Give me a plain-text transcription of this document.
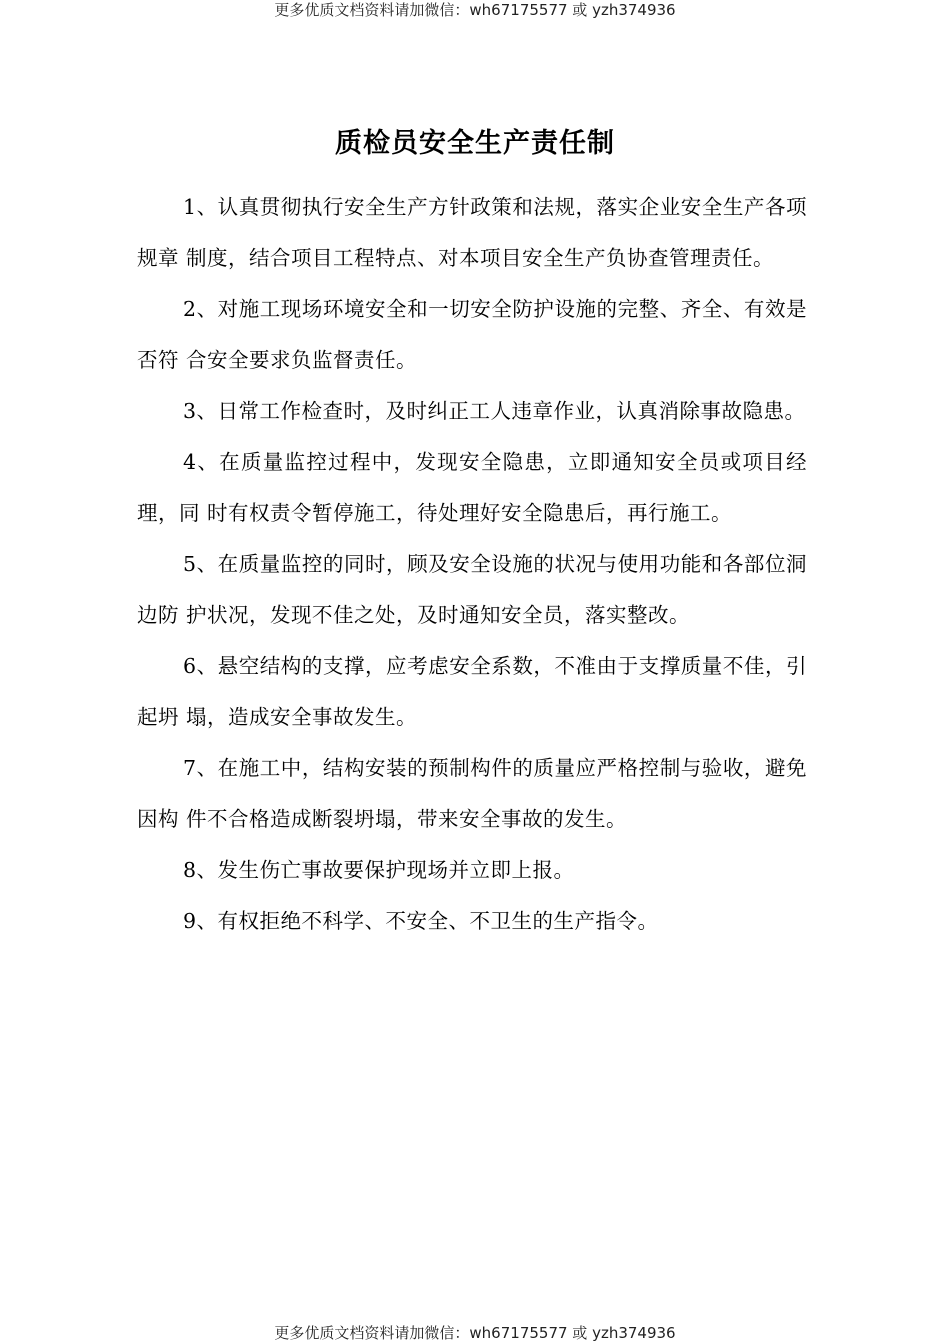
更多优质文档资料请加微信：wh67175577 或 yzh374936
质检员安全生产责任制

1、认真贯彻执行安全生产方针政策和法规，落实企业安全生产各项规章 制度，结合项目工程特点、对本项目安全生产负协查管理责任。

2、对施工现场环境安全和一切安全防护设施的完整、齐全、有效是否符 合安全要求负监督责任。

3、日常工作检查时，及时纠正工人违章作业，认真消除事故隐患。

4、在质量监控过程中，发现安全隐患，立即通知安全员或项目经理，同 时有权责令暂停施工，待处理好安全隐患后，再行施工。

5、在质量监控的同时，顾及安全设施的状况与使用功能和各部位洞边防 护状况，发现不佳之处，及时通知安全员，落实整改。

6、悬空结构的支撑，应考虑安全系数，不准由于支撑质量不佳，引起坍 塌，造成安全事故发生。

7、在施工中，结构安装的预制构件的质量应严格控制与验收，避免因构 件不合格造成断裂坍塌，带来安全事故的发生。

8、发生伤亡事故要保护现场并立即上报。

9、有权拒绝不科学、不安全、不卫生的生产指令。

更多优质文档资料请加微信：wh67175577 或 yzh374936
